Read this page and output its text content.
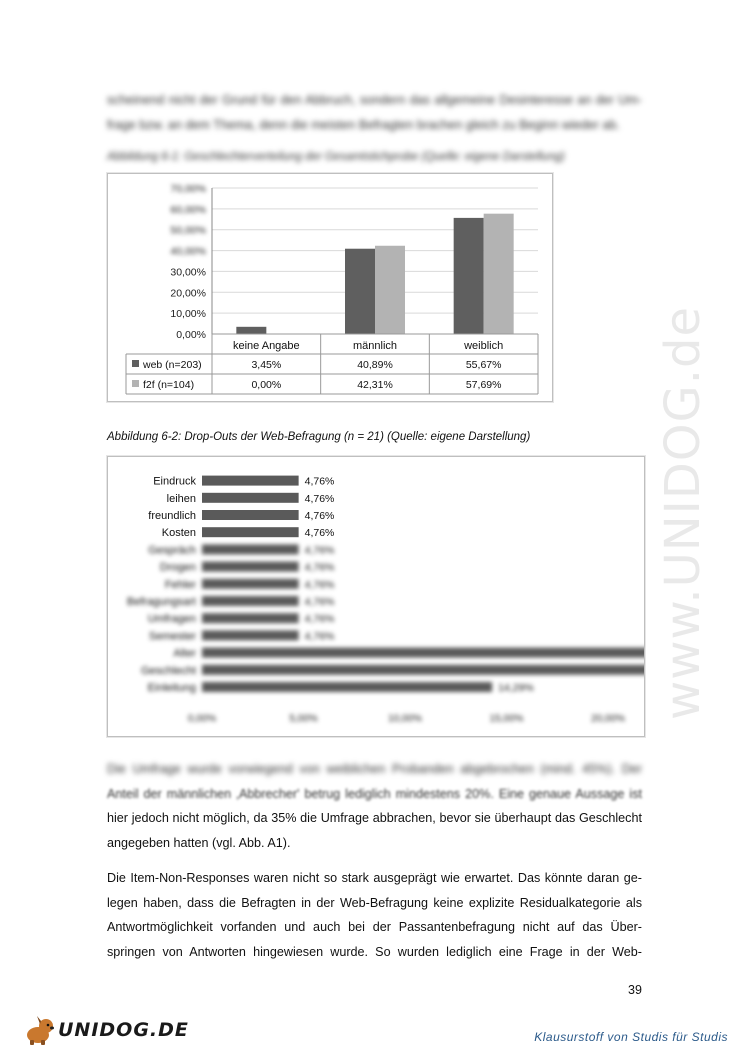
scheinend nicht der Grund für den Abbruch, sondern das allgemeine Desinteresse an der Um-
frage bzw. an dem Thema, denn die meisten Befragten brachen gleich zu Beginn wieder ab.
Abbildung 6-1: Geschlechterverteilung der Gesamtstichprobe (Quelle: eigene Darstellung)
0,00%
10,00%
20,00%
30,00%
40,00%
50,00%
60,00%
70,00%
keine Angabe	männlich	weiblich
web (n=203)	3,45%	40,89%	55,67%
f2f (n=104)	0,00%	42,31%	57,69%
Abbildung 6-2: Drop-Outs der Web-Befragung (n = 21) (Quelle: eigene Darstellung)
Eindruck	4,76%
leihen	4,76%
freundlich	4,76%
Kosten	4,76%
Gespräch	4,76%
Drogen	4,76%
Fehler	4,76%
Befragungsart	4,76%
Umfragen	4,76%
Semester	4,76%
Alter
Geschlecht
Einleitung	14,29%
0,00%	5,00%	10,00%	15,00%	20,00%
Die Umfrage wurde vorwiegend von weiblichen Probanden abgebrochen (mind. 45%). Der
Anteil der männlichen ‚Abbrecher' betrug lediglich mindestens 20%. Eine genaue Aussage ist
hier jedoch nicht möglich, da 35% die Umfrage abbrachen, bevor sie überhaupt das Geschlecht
angegeben hatten (vgl. Abb. A1).
Die Item-Non-Responses waren nicht so stark ausgeprägt wie erwartet. Das könnte daran ge-
legen haben, dass die Befragten in der Web-Befragung keine explizite Residualkategorie als
Antwortmöglichkeit vorfanden und auch bei der Passantenbefragung nicht auf das Über-
springen von Antworten hingewiesen wurde. So wurden lediglich eine Frage in der Web-
www.UNIDOG.de
39
UNIDOG.DE	Klausurstoff von Studis für Studis
